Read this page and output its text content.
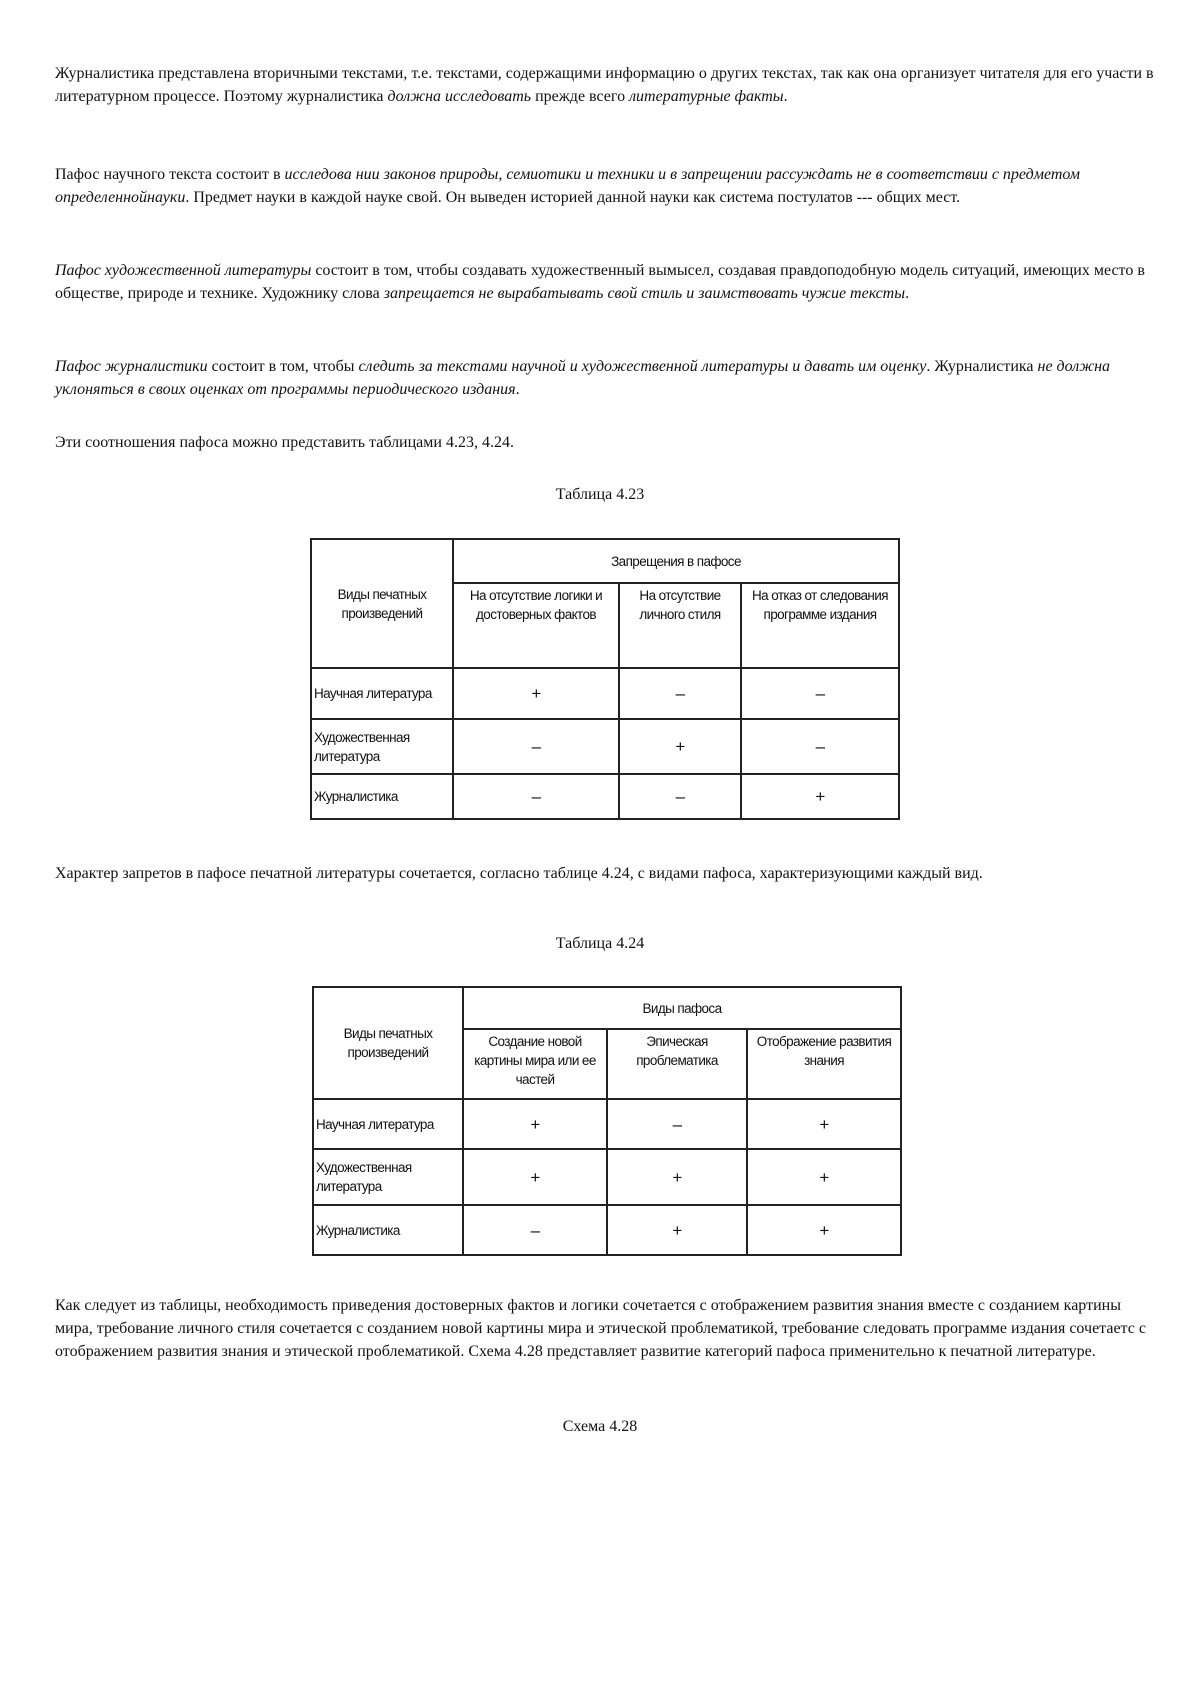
Журналистика представлена вторичными текстами, т.е. текстами, содержащими информацию о других текстах, так как она организует читателя для его участи в литературном процессе. Поэтому журналистика должна исследовать прежде всего литературные факты.
Пафос научного текста состоит в исследова нии законов природы, семиотики и техники и в запрещении рассуждать не в соответствии с предметом определеннойнауки. Предмет науки в каждой науке свой. Он выведен историей данной науки как система постулатов --- общих мест.
Пафос художественной литературы состоит в том, чтобы создавать художественный вымысел, создавая правдоподобную модель ситуаций, имеющих место в обществе, природе и технике. Художнику слова запрещается не вырабатывать свой стиль и заимствовать чужие тексты.
Пафос журналистики состоит в том, чтобы следить за текстами научной и художественной литературы и давать им оценку. Журналистика не должна уклоняться в своих оценках от программы периодического издания.
Эти соотношения пафоса можно представить таблицами 4.23, 4.24.
Характер запретов в пафосе печатной литературы сочетается, согласно таблице 4.24, с видами пафоса, характеризующими каждый вид.
Как следует из таблицы, необходимость приведения достоверных фактов и логики сочетается с отображением развития знания вместе с созданием картины мира, требование личного стиля сочетается с созданием новой картины мира и этической проблематикой, требование следовать программе издания сочетаетс с отображением развития знания и этической проблематикой. Схема 4.28 представляет развитие категорий пафоса применительно к печатной литературе.
Таблица 4.23
Таблица 4.24
Схема 4.28
Виды печатных произведений	Запрещения в пафосе
На отсутствие логики и достоверных фактов	На отсутствие личного стиля	На отказ от следования программе издания
Научная литература	+	–	–
Художественная литература	–	+	–
Журналистика	–	–	+
Виды печатных произведений	Виды пафоса
Создание новой картины мира или ее частей	Эпическая проблематика	Отображение развития знания
Научная литература	+	–	+
Художественная литература	+	+	+
Журналистика	–	+	+
